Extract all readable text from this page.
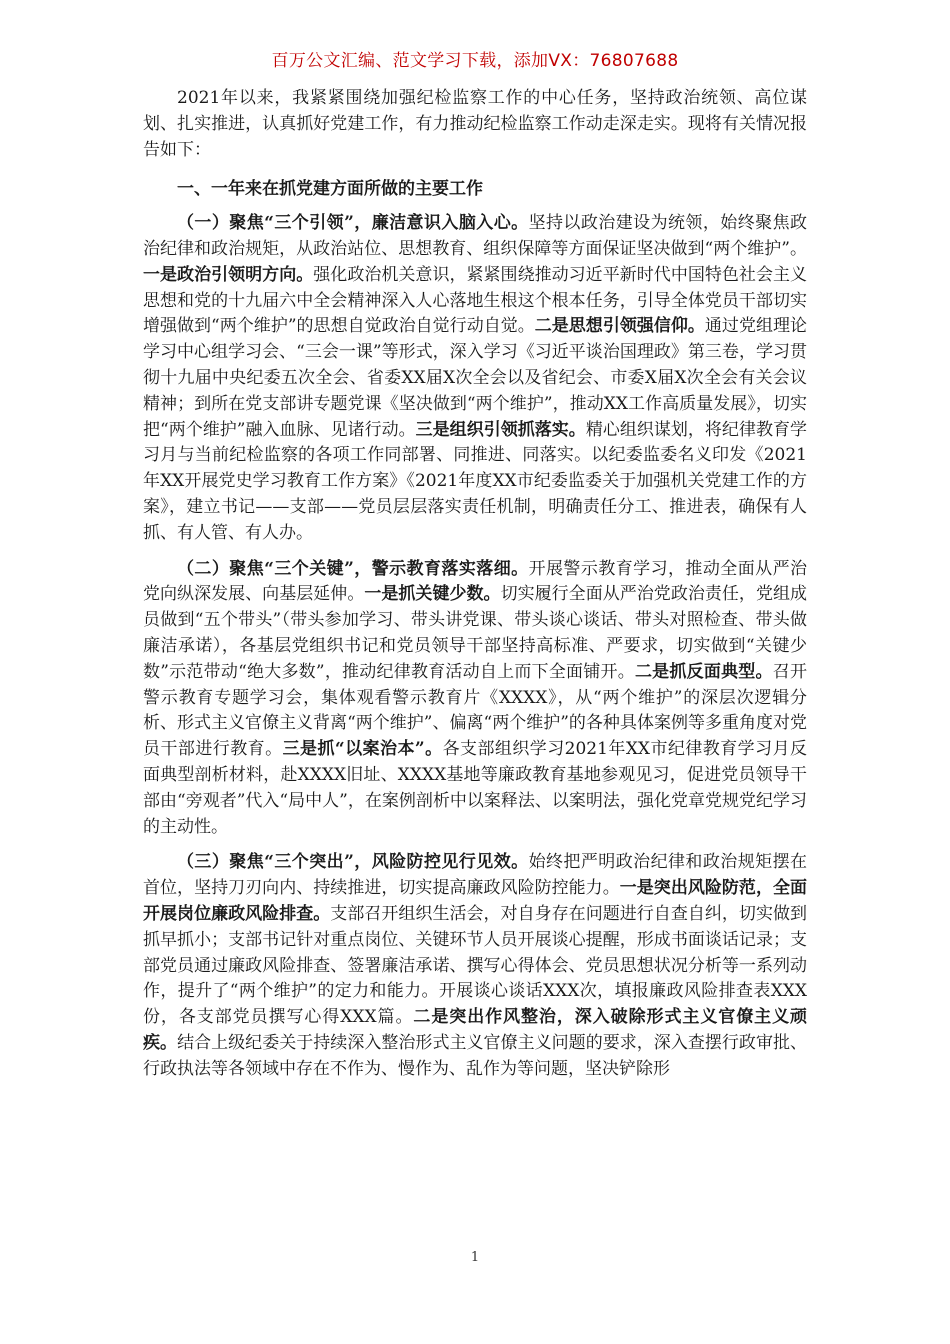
百万公文汇编、范文学习下载，添加VX：76807688

2021年以来，我紧紧围绕加强纪检监察工作的中心任务，坚持政治统领、高位谋划、扎实推进，认真抓好党建工作，有力推动纪检监察工作动走深走实。现将有关情况报告如下：

一、一年来在抓党建方面所做的主要工作

（一）聚焦“三个引领”，廉洁意识入脑入心。坚持以政治建设为统领，始终聚焦政治纪律和政治规矩，从政治站位、思想教育、组织保障等方面保证坚决做到“两个维护”。一是政治引领明方向。强化政治机关意识，紧紧围绕推动习近平新时代中国特色社会主义思想和党的十九届六中全会精神深入人心落地生根这个根本任务，引导全体党员干部切实增强做到“两个维护”的思想自觉政治自觉行动自觉。二是思想引领强信仰。通过党组理论学习中心组学习会、“三会一课”等形式，深入学习《习近平谈治国理政》第三卷，学习贯彻十九届中央纪委五次全会、省委XX届X次全会以及省纪会、市委X届X次全会有关会议精神；到所在党支部讲专题党课《坚决做到“两个维护”，推动XX工作高质量发展》，切实把“两个维护”融入血脉、见诸行动。三是组织引领抓落实。精心组织谋划，将纪律教育学习月与当前纪检监察的各项工作同部署、同推进、同落实。以纪委监委名义印发《2021年XX开展党史学习教育工作方案》《2021年度XX市纪委监委关于加强机关党建工作的方案》，建立书记——支部——党员层层落实责任机制，明确责任分工、推进表，确保有人抓、有人管、有人办。

（二）聚焦“三个关键”，警示教育落实落细。开展警示教育学习，推动全面从严治党向纵深发展、向基层延伸。一是抓关键少数。切实履行全面从严治党政治责任，党组成员做到“五个带头”（带头参加学习、带头讲党课、带头谈心谈话、带头对照检查、带头做廉洁承诺），各基层党组织书记和党员领导干部坚持高标准、严要求，切实做到“关键少数”示范带动“绝大多数”，推动纪律教育活动自上而下全面铺开。二是抓反面典型。召开警示教育专题学习会，集体观看警示教育片《XXXX》，从“两个维护”的深层次逻辑分析、形式主义官僚主义背离“两个维护”、偏离“两个维护”的各种具体案例等多重角度对党员干部进行教育。三是抓“以案治本”。各支部组织学习2021年XX市纪律教育学习月反面典型剖析材料，赴XXXX旧址、XXXX基地等廉政教育基地参观见习，促进党员领导干部由“旁观者”代入“局中人”，在案例剖析中以案释法、以案明法，强化党章党规党纪学习的主动性。

（三）聚焦“三个突出”，风险防控见行见效。始终把严明政治纪律和政治规矩摆在首位，坚持刀刃向内、持续推进，切实提高廉政风险防控能力。一是突出风险防范，全面开展岗位廉政风险排查。支部召开组织生活会，对自身存在问题进行自查自纠，切实做到抓早抓小；支部书记针对重点岗位、关键环节人员开展谈心提醒，形成书面谈话记录；支部党员通过廉政风险排查、签署廉洁承诺、撰写心得体会、党员思想状况分析等一系列动作，提升了“两个维护”的定力和能力。开展谈心谈话XXX次，填报廉政风险排查表XXX份，各支部党员撰写心得XXX篇。二是突出作风整治，深入破除形式主义官僚主义顽疾。结合上级纪委关于持续深入整治形式主义官僚主义问题的要求，深入查摆行政审批、行政执法等各领域中存在不作为、慢作为、乱作为等问题，坚决铲除形

1
